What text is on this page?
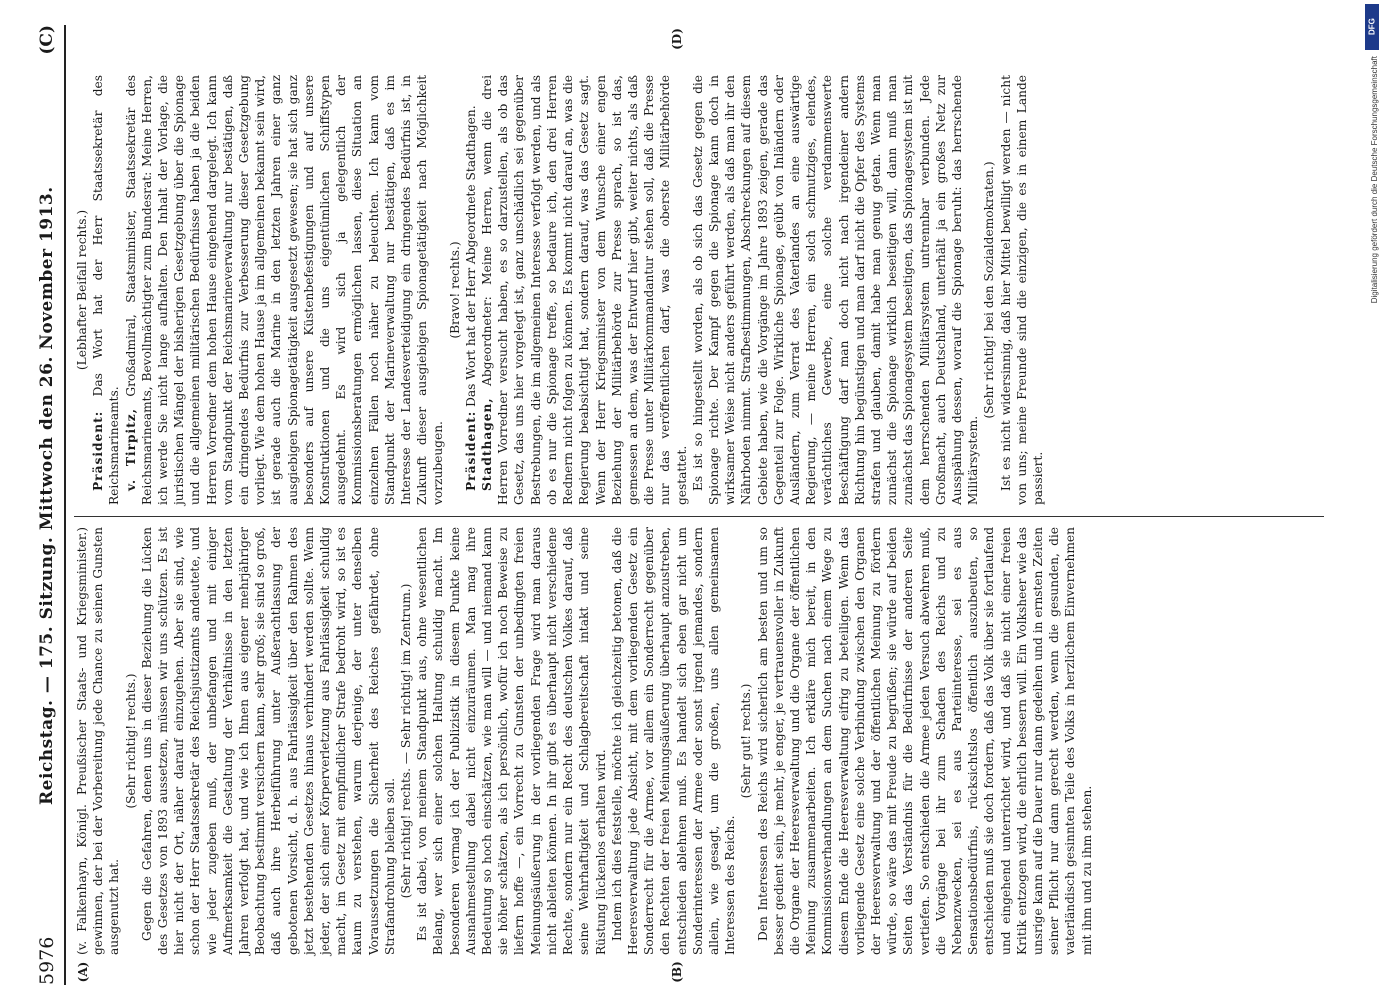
5976
Reichstag. — 175. Sitzung. Mittwoch den 26. November 1913.
(C)
(A)	(B)
(D)

(v. Falkenhayn, Königl. Preußischer Staats- und Kriegsminister.) gewinnen, der bei der Vorbereitung jede Chance zu seinen Gunsten ausgenutzt hat.

(Sehr richtig! rechts.) Gegen die Gefahren, denen uns in dieser Beziehung die Lücken des Gesetzes von 1893 aussetzen, müssen wir uns schützen. Es ist hier nicht der Ort, näher darauf einzugehen. Aber sie sind, wie schon der Herr Staatssekretär des Reichsjustizamts andeutete, und wie jeder zugeben muß, der unbefangen und mit einiger Aufmerksamkeit die Gestaltung der Verhältnisse in den letzten Jahren verfolgt hat, und wie ich Ihnen aus eigener mehrjähriger Beobachtung bestimmt versichern kann, sehr groß; sie sind so groß, daß auch ihre Herbeiführung unter Außerachtlassung der gebotenen Vorsicht, d. h. aus Fahrlässigkeit über den Rahmen des jetzt bestehenden Gesetzes hinaus verhindert werden sollte. Wenn jeder, der sich einer Körperverletzung aus Fahrlässigkeit schuldig macht, im Gesetz mit empfindlicher Strafe bedroht wird, so ist es kaum zu verstehen, warum derjenige, der unter denselben Voraussetzungen die Sicherheit des Reiches gefährdet, ohne Strafandrohung bleiben soll. (Sehr richtig! rechts. — Sehr richtig! im Zentrum.) Es ist dabei, von meinem Standpunkt aus, ohne wesentlichen Belang, wer sich einer solchen Haltung schuldig macht. Im besonderen vermag ich der Publizistik in diesem Punkte keine Ausnahmestellung dabei nicht einzuräumen. Man mag ihre Bedeutung so hoch einschätzen, wie man will — und niemand kann sie höher schätzen, als ich persönlich, wofür ich noch Beweise zu liefern hoffe —, ein Vorrecht zu Gunsten der unbedingten freien Meinungsäußerung in der vorliegenden Frage wird man daraus nicht ableiten können. In ihr gibt es überhaupt nicht verschiedene Rechte, sondern nur ein Recht des deutschen Volkes darauf, daß seine Wehrhaftigkeit und Schlagbereitschaft intakt und seine Rüstung lückenlos erhalten wird. Indem ich dies feststelle, möchte ich gleichzeitig betonen, daß die Heeresverwaltung jede Absicht, mit dem vorliegenden Gesetz ein Sonderrecht für die Armee, vor allem ein Sonderrecht gegenüber den Rechten der freien Meinungsäußerung überhaupt anzustreben, entschieden ablehnen muß. Es handelt sich eben gar nicht um Sonderinteressen der Armee oder sonst irgend jemandes, sondern allein, wie gesagt, um die großen, uns allen gemeinsamen Interessen des Reichs.

(Sehr gut! rechts.) Den Interessen des Reichs wird sicherlich am besten und um so besser gedient sein, je mehr, je enger, je vertrauensvoller in Zukunft die Organe der Heeresverwaltung und die Organe der öffentlichen Meinung zusammenarbeiten. Ich erkläre mich bereit, in den Kommissionsverhandlungen an dem Suchen nach einem Wege zu diesem Ende die Heeresverwaltung eifrig zu beteiligen. Wenn das vorliegende Gesetz eine solche Verbindung zwischen den Organen der Heeresverwaltung und der öffentlichen Meinung zu fördern würde, so wäre das mit Freude zu begrüßen; sie würde auf beiden Seiten das Verständnis für die Bedürfnisse der anderen Seite vertiefen. So entschieden die Armee jeden Versuch abwehren muß, die Vorgänge bei ihr zum Schaden des Reichs und zu Nebenzwecken, sei es aus Parteiinteresse, sei es aus Sensationsbedürfnis, rücksichtslos öffentlich auszubeuten, so entschieden muß sie doch fordern, daß das Volk über sie fortlaufend und eingehend unterrichtet wird, und daß sie nicht einer freien Kritik entzogen wird, die ehrlich bessern will. Ein Volksheer wie das unsrige kann auf die Dauer nur dann gedeihen und in ernsten Zeiten seiner Pflicht nur dann gerecht werden, wenn die gesunden, die vaterländisch gesinnten Teile des Volks in herzlichem Einvernehmen mit ihm und zu ihm stehen.

(Lebhafter Beifall rechts.)

Präsident: Das Wort hat der Herr Staatssekretär des Reichsmarineamts. v. Tirpitz, Großadmiral, Staatsminister, Staatssekretär des Reichsmarineamts, Bevollmächtigter zum Bundesrat: Meine Herren, ich werde Sie nicht lange aufhalten. Den Inhalt der Vorlage, die juristischen Mängel der bisherigen Gesetzgebung über die Spionage und die allgemeinen militärischen Bedürfnisse haben ja die beiden Herren Vorredner dem hohen Hause eingehend dargelegt. Ich kann vom Standpunkt der Reichsmarineverwaltung nur bestätigen, daß ein dringendes Bedürfnis zur Verbesserung dieser Gesetzgebung vorliegt. Wie dem hohen Hause ja im allgemeinen bekannt sein wird, ist gerade auch die Marine in den letzten Jahren einer ganz ausgiebigen Spionagetätigkeit ausgesetzt gewesen; sie hat sich ganz besonders auf unsere Küstenbefestigungen und auf unsere Konstruktionen und die uns eigentümlichen Schiffstypen ausgedehnt. Es wird sich ja gelegentlich der Kommissionsberatungen ermöglichen lassen, diese Situation an einzelnen Fällen noch näher zu beleuchten. Ich kann vom Standpunkt der Marineverwaltung nur bestätigen, daß es im Interesse der Landesverteidigung ein dringendes Bedürfnis ist, in Zukunft dieser ausgiebigen Spionagetätigkeit nach Möglichkeit vorzubeugen.

(Bravo! rechts.)

Präsident: Das Wort hat der Herr Abgeordnete Stadthagen.

Stadthagen, Abgeordneter: Meine Herren, wenn die drei Herren Vorredner versucht haben, es so darzustellen, als ob das Gesetz, das uns hier vorgelegt ist, ganz unschädlich sei gegenüber Bestrebungen, die im allgemeinen Interesse verfolgt werden, und als ob es nur die Spionage treffe, so bedaure ich, den drei Herren Rednern nicht folgen zu können. Es kommt nicht darauf an, was die Regierung beabsichtigt hat, sondern darauf, was das Gesetz sagt. Wenn der Herr Kriegsminister von dem Wunsche einer engen Beziehung der Militärbehörde zur Presse sprach, so ist das, gemessen an dem, was der Entwurf hier gibt, weiter nichts, als daß die Presse unter Militärkommandantur stehen soll, daß die Presse nur das veröffentlichen darf, was die oberste Militärbehörde gestattet. Es ist so hingestellt worden, als ob sich das Gesetz gegen die Spionage richte. Der Kampf gegen die Spionage kann doch in wirksamer Weise nicht anders geführt werden, als daß man ihr den Nährboden nimmt. Strafbestimmungen, Abschreckungen auf diesem Gebiete haben, wie die Vorgänge im Jahre 1893 zeigen, gerade das Gegenteil zur Folge. Wirkliche Spionage, geübt von Inländern oder Ausländern, zum Verrat des Vaterlandes an eine auswärtige Regierung, — meine Herren, ein solch schmutziges, elendes, verächtliches Gewerbe, eine solche verdammenswerte Beschäftigung darf man doch nicht nach irgendeiner andern Richtung hin begünstigen und man darf nicht die Opfer des Systems strafen und glauben, damit habe man genug getan. Wenn man zunächst die Spionage wirklich beseitigen will, dann muß man zunächst das Spionagesystem beseitigen, das Spionagesystem ist mit dem herrschenden Militärsystem untrennbar verbunden. Jede Großmacht, auch Deutschland, unterhält ja ein großes Netz zur Ausspähung dessen, worauf die Spionage beruht: das herrschende Militärsystem.

(Sehr richtig! bei den Sozialdemokraten.) Ist es nicht widersinnig, daß hier Mittel bewilligt werden — nicht von uns; meine Freunde sind die einzigen, die es in einem Lande passiert.

DFG
Digitalisierung gefördert durch die Deutsche Forschungsgemeinschaft
